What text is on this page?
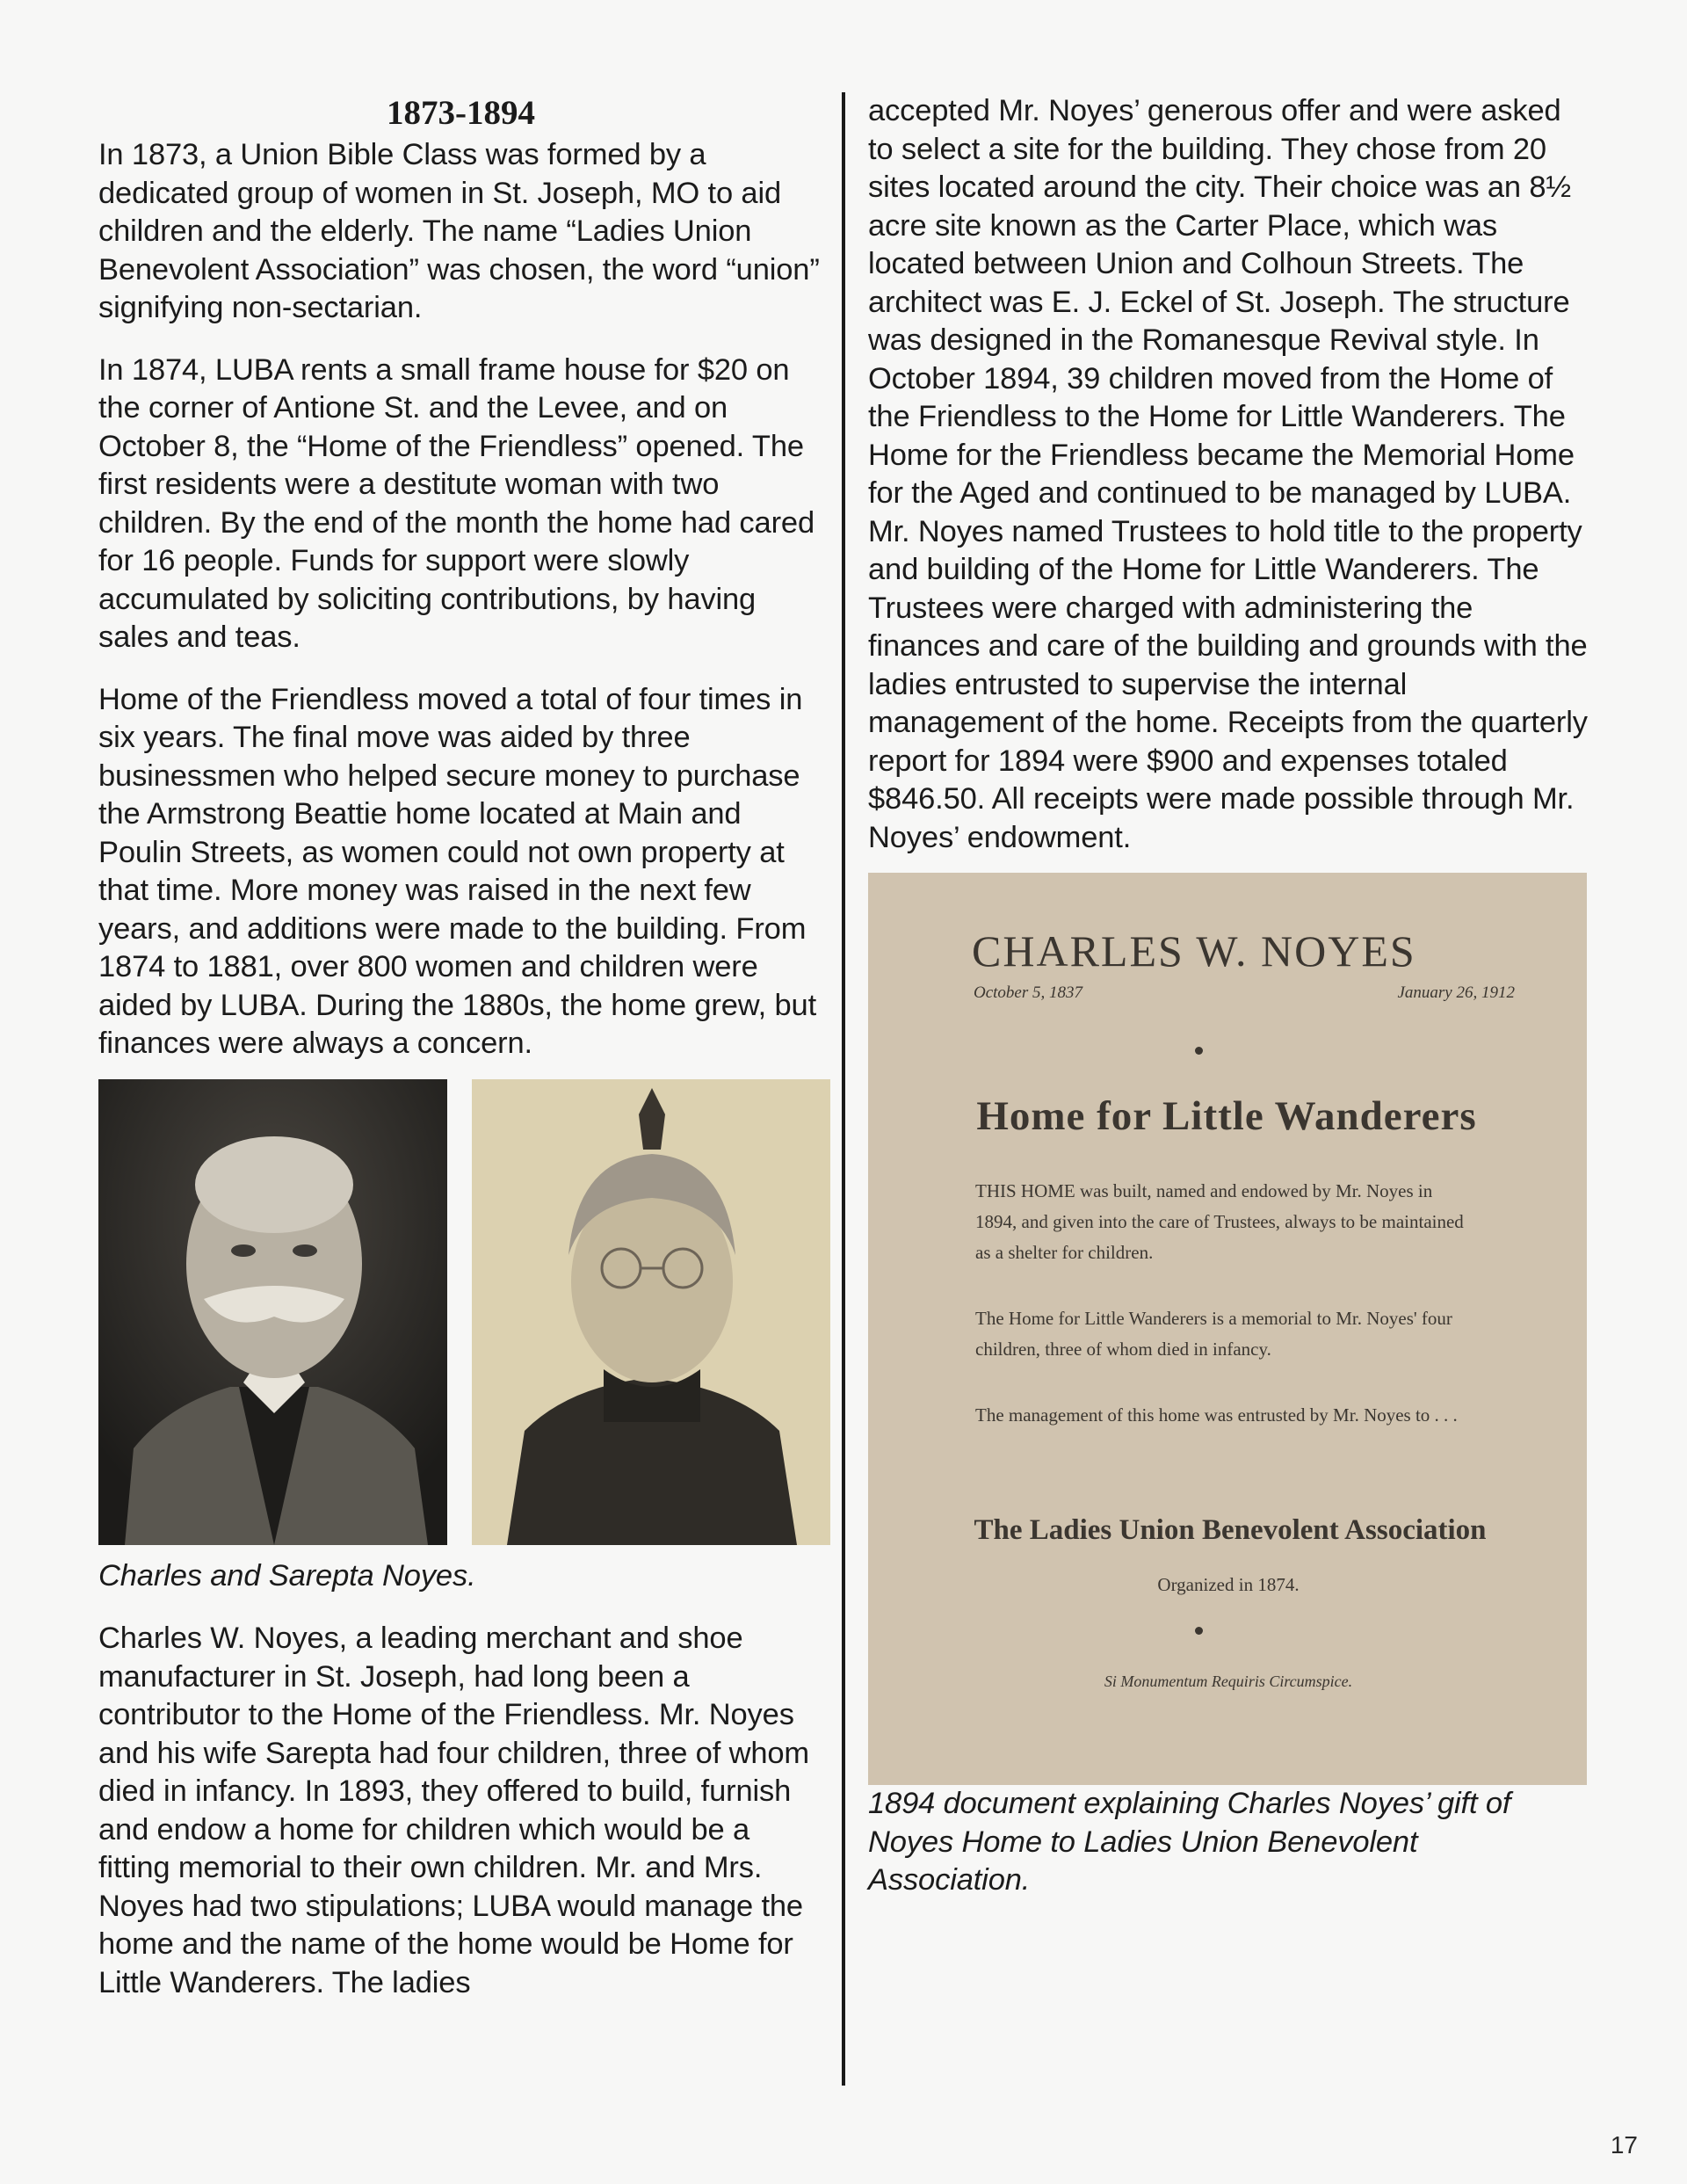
1873-1894

In 1873, a Union Bible Class was formed by a dedicated group of women in St. Joseph, MO to aid children and the elderly. The name “Ladies Union Benevolent Association” was chosen, the word “union” signifying non-sectarian.

In 1874, LUBA rents a small frame house for $20 on the corner of Antione St. and the Levee, and on October 8, the “Home of the Friendless” opened. The first residents were a destitute woman with two children. By the end of the month the home had cared for 16 people. Funds for support were slowly accumulated by soliciting contributions, by having sales and teas.

Home of the Friendless moved a total of four times in six years. The final move was aided by three businessmen who helped secure money to purchase the Armstrong Beattie home located at Main and Poulin Streets, as women could not own property at that time. More money was raised in the next few years, and additions were made to the building. From 1874 to 1881, over 800 women and children were aided by LUBA. During the 1880s, the home grew, but finances were always a concern.

Charles and Sarepta Noyes.

Charles W. Noyes, a leading merchant and shoe manufacturer in St. Joseph, had long been a contributor to the Home of the Friendless. Mr. Noyes and his wife Sarepta had four children, three of whom died in infancy. In 1893, they offered to build, furnish and endow a home for children which would be a fitting memorial to their own children. Mr. and Mrs. Noyes had two stipulations; LUBA would manage the home and the name of the home would be Home for Little Wanderers. The ladies

accepted Mr. Noyes’ generous offer and were asked to select a site for the building. They chose from 20 sites located around the city. Their choice was an 8½ acre site known as the Carter Place, which was located between Union and Colhoun Streets. The architect was E. J. Eckel of St. Joseph. The structure was designed in the Romanesque Revival style. In October 1894, 39 children moved from the Home of the Friendless to the Home for Little Wanderers. The Home for the Friendless became the Memorial Home for the Aged and continued to be managed by LUBA. Mr. Noyes named Trustees to hold title to the property and building of the Home for Little Wanderers. The Trustees were charged with administering the finances and care of the building and grounds with the ladies entrusted to supervise the internal management of the home. Receipts from the quarterly report for 1894 were $900 and expenses totaled $846.50. All receipts were made possible through Mr. Noyes’ endowment.

CHARLES W. NOYES
October 5, 1837	January 26, 1912
Home for Little Wanderers
THIS HOME was built, named and endowed by Mr. Noyes in 1894, and given into the care of Trustees, always to be maintained as a shelter for children.
The Home for Little Wanderers is a memorial to Mr. Noyes' four children, three of whom died in infancy.
The management of this home was entrusted by Mr. Noyes to . . .
The Ladies Union Benevolent Association
Organized in 1874.
Si Monumentum Requiris Circumspice.

1894 document explaining Charles Noyes’ gift of Noyes Home to Ladies Union Benevolent Association.

17
